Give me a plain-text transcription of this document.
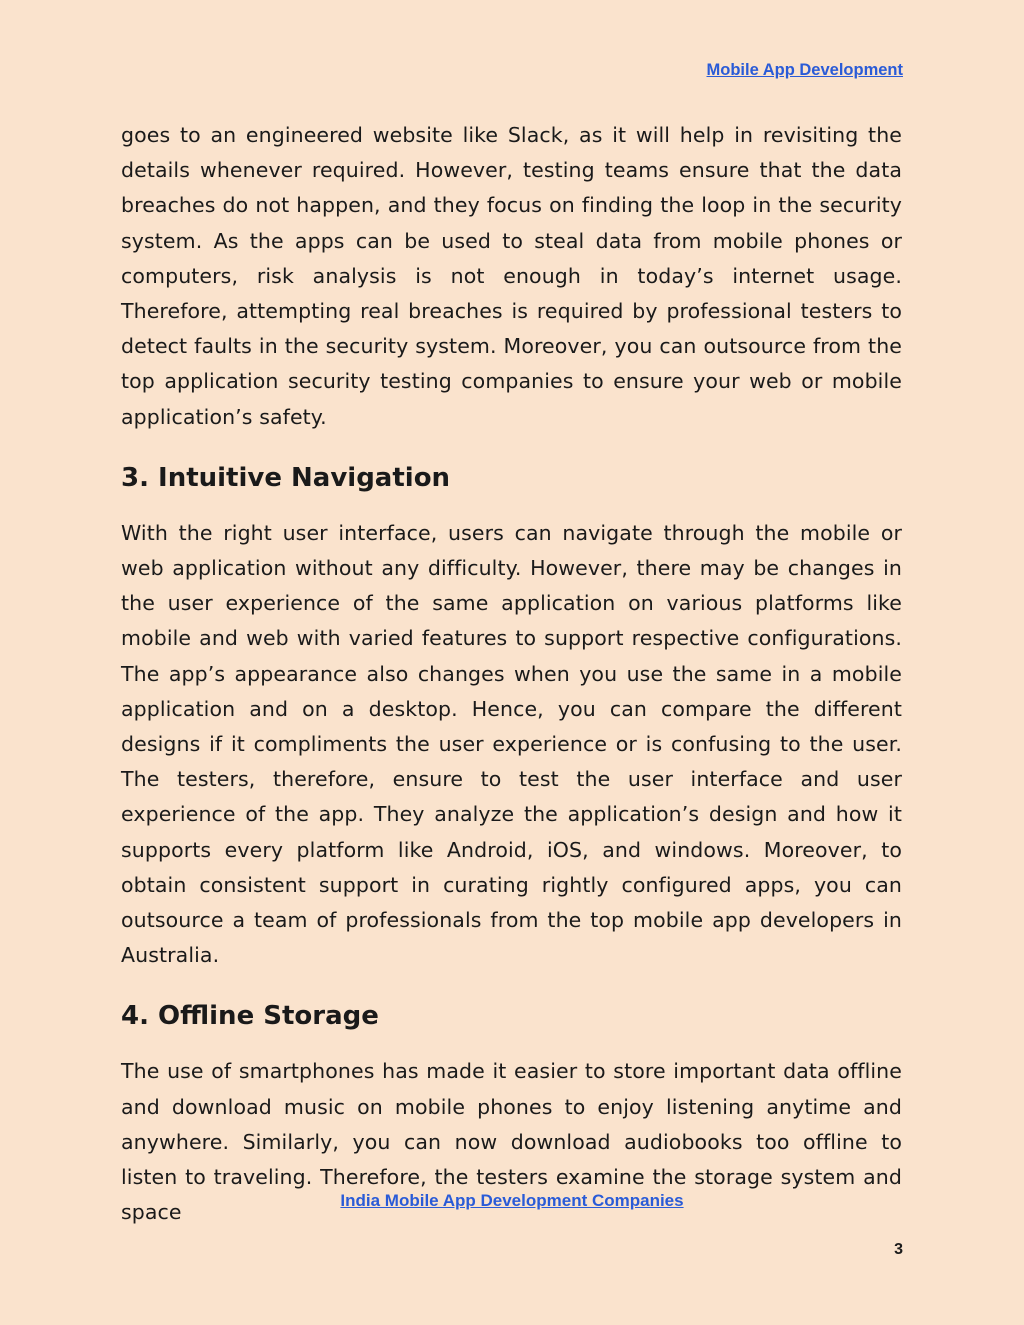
Mobile App Development

goes to an engineered website like Slack, as it will help in revisiting the details whenever required. However, testing teams ensure that the data breaches do not happen, and they focus on finding the loop in the security system. As the apps can be used to steal data from mobile phones or computers, risk analysis is not enough in today’s internet usage. Therefore, attempting real breaches is required by professional testers to detect faults in the security system. Moreover, you can outsource from the top application security testing companies to ensure your web or mobile application’s safety.

3. Intuitive Navigation

With the right user interface, users can navigate through the mobile or web application without any difficulty. However, there may be changes in the user experience of the same application on various platforms like mobile and web with varied features to support respective configurations. The app’s appearance also changes when you use the same in a mobile application and on a desktop. Hence, you can compare the different designs if it compliments the user experience or is confusing to the user. The testers, therefore, ensure to test the user interface and user experience of the app. They analyze the application’s design and how it supports every platform like Android, iOS, and windows. Moreover, to obtain consistent support in curating rightly configured apps, you can outsource a team of professionals from the top mobile app developers in Australia.

4. Offline Storage

The use of smartphones has made it easier to store important data offline and download music on mobile phones to enjoy listening anytime and anywhere. Similarly, you can now download audiobooks too offline to listen to traveling. Therefore, the testers examine the storage system and space	India Mobile App Development Companies
3
